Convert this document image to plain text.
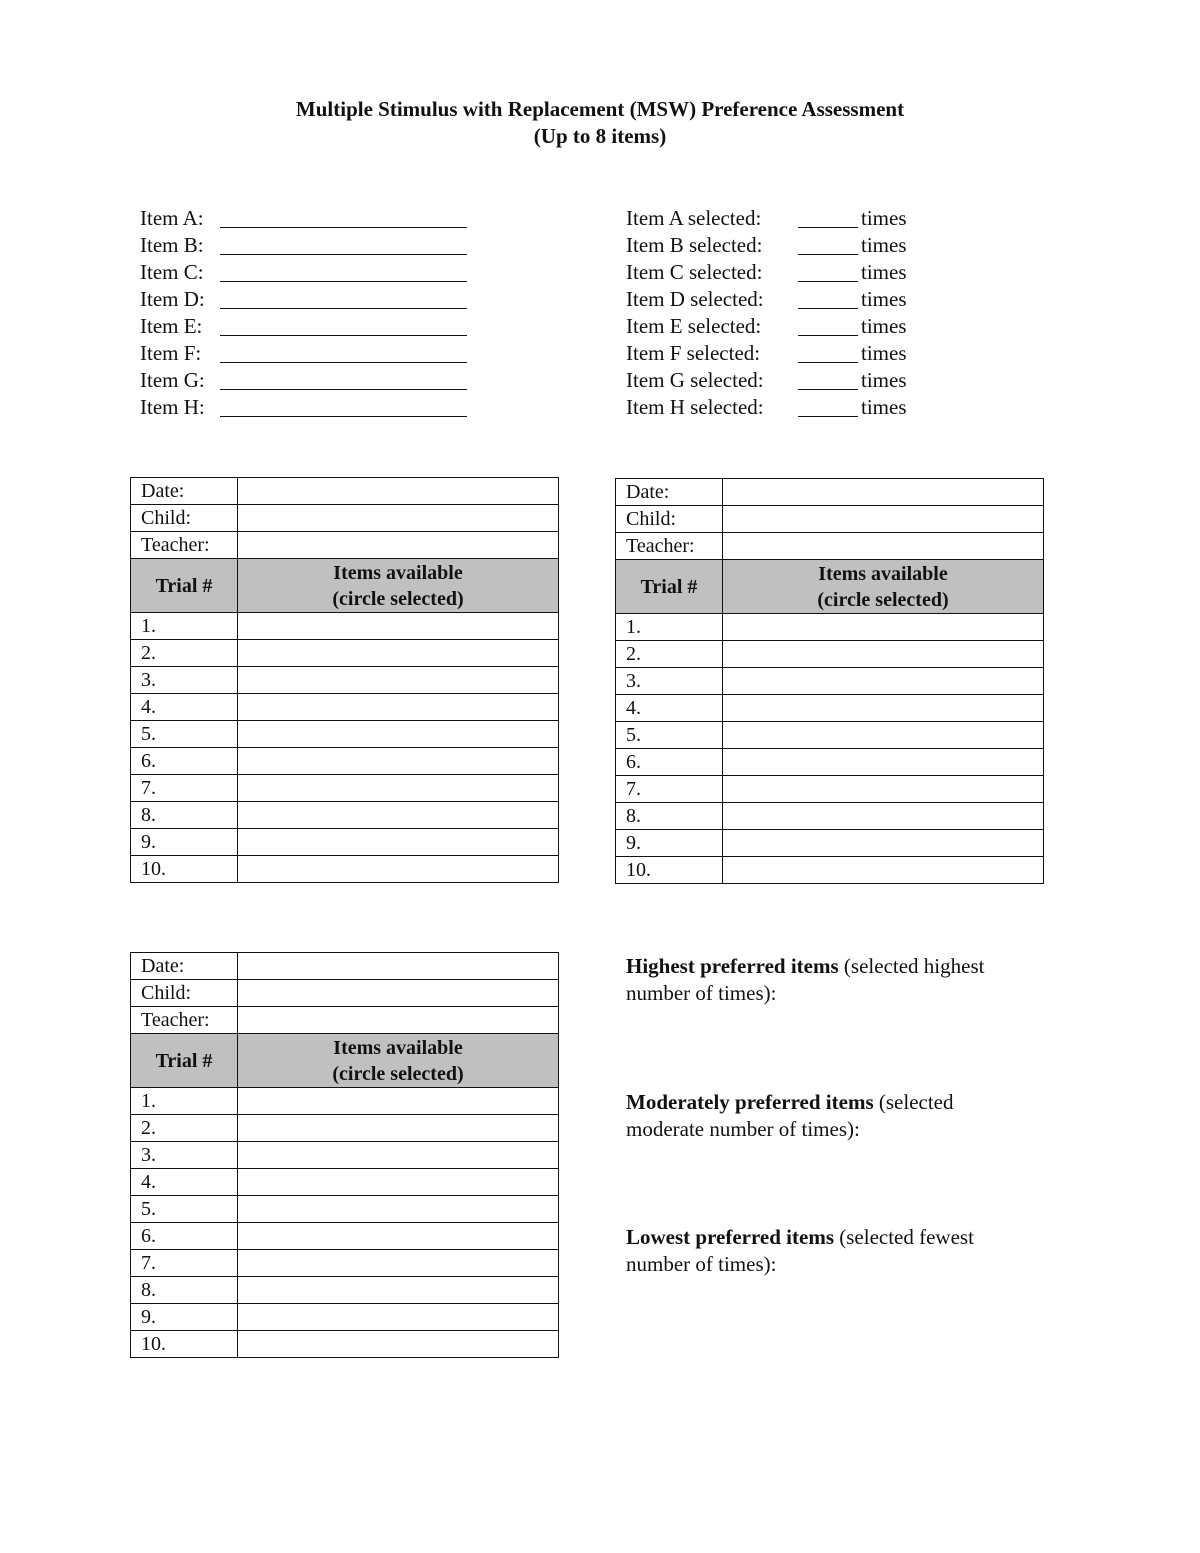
Multiple Stimulus with Replacement (MSW) Preference Assessment
(Up to 8 items)
Item A:
Item B:
Item C:
Item D:
Item E:
Item F:
Item G:
Item H:
Item A selected:	times
Item B selected:	times
Item C selected:	times
Item D selected:	times
Item E selected:	times
Item F selected:	times
Item G selected:	times
Item H selected:	times
Date:	
Child:	
Teacher:	
Trial #	Items available
(circle selected)

1.	
2.	
3.	
4.	
5.	
6.	
7.	
8.	
9.	
10.	
Date:	
Child:	
Teacher:	
Trial #	Items available
(circle selected)

1.	
2.	
3.	
4.	
5.	
6.	
7.	
8.	
9.	
10.	
Date:	
Child:	
Teacher:	
Trial #	Items available
(circle selected)

1.	
2.	
3.	
4.	
5.	
6.	
7.	
8.	
9.	
10.	
Highest preferred items (selected highest
number of times):
Moderately preferred items (selected
moderate number of times):
Lowest preferred items (selected fewest
number of times):
